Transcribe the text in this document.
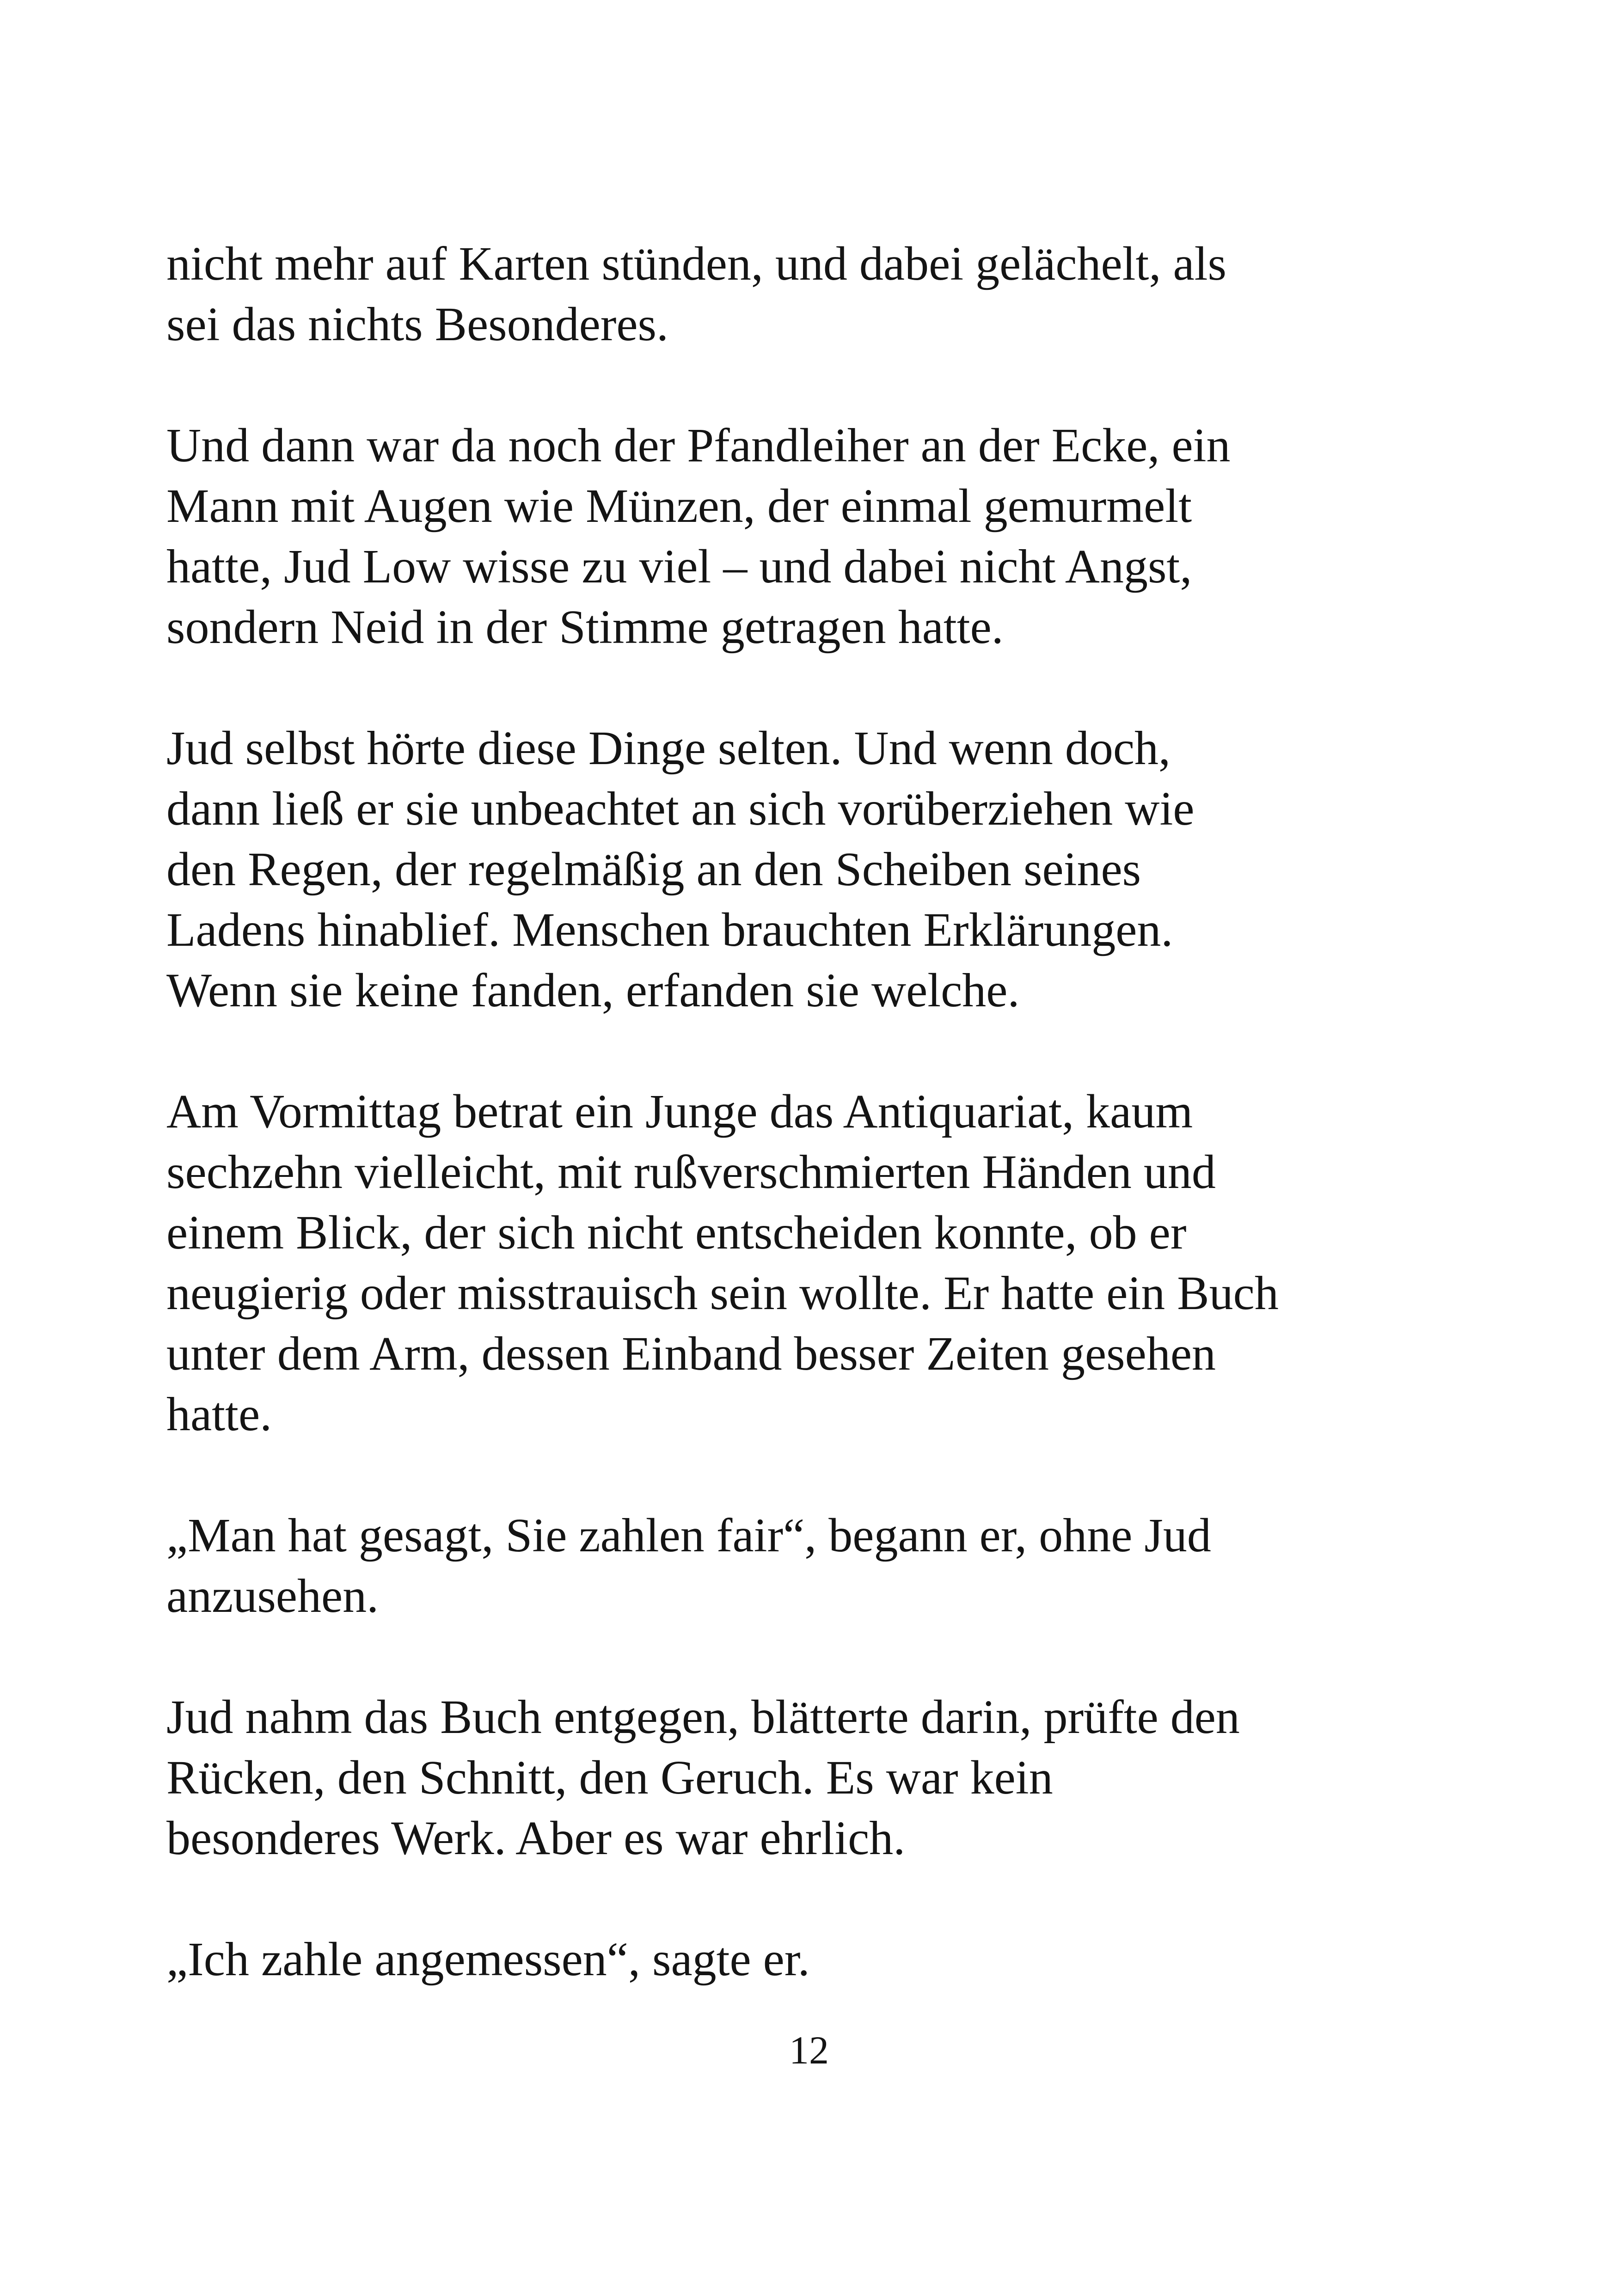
nicht mehr auf Karten stünden, und dabei gelächelt, als
sei das nichts Besonderes.

Und dann war da noch der Pfandleiher an der Ecke, ein
Mann mit Augen wie Münzen, der einmal gemurmelt
hatte, Jud Low wisse zu viel – und dabei nicht Angst,
sondern Neid in der Stimme getragen hatte.

Jud selbst hörte diese Dinge selten. Und wenn doch,
dann ließ er sie unbeachtet an sich vorüberziehen wie
den Regen, der regelmäßig an den Scheiben seines
Ladens hinablief. Menschen brauchten Erklärungen.
Wenn sie keine fanden, erfanden sie welche.

Am Vormittag betrat ein Junge das Antiquariat, kaum
sechzehn vielleicht, mit rußverschmierten Händen und
einem Blick, der sich nicht entscheiden konnte, ob er
neugierig oder misstrauisch sein wollte. Er hatte ein Buch
unter dem Arm, dessen Einband besser Zeiten gesehen
hatte.

„Man hat gesagt, Sie zahlen fair“, begann er, ohne Jud
anzusehen.

Jud nahm das Buch entgegen, blätterte darin, prüfte den
Rücken, den Schnitt, den Geruch. Es war kein
besonderes Werk. Aber es war ehrlich.

„Ich zahle angemessen“, sagte er.

12
